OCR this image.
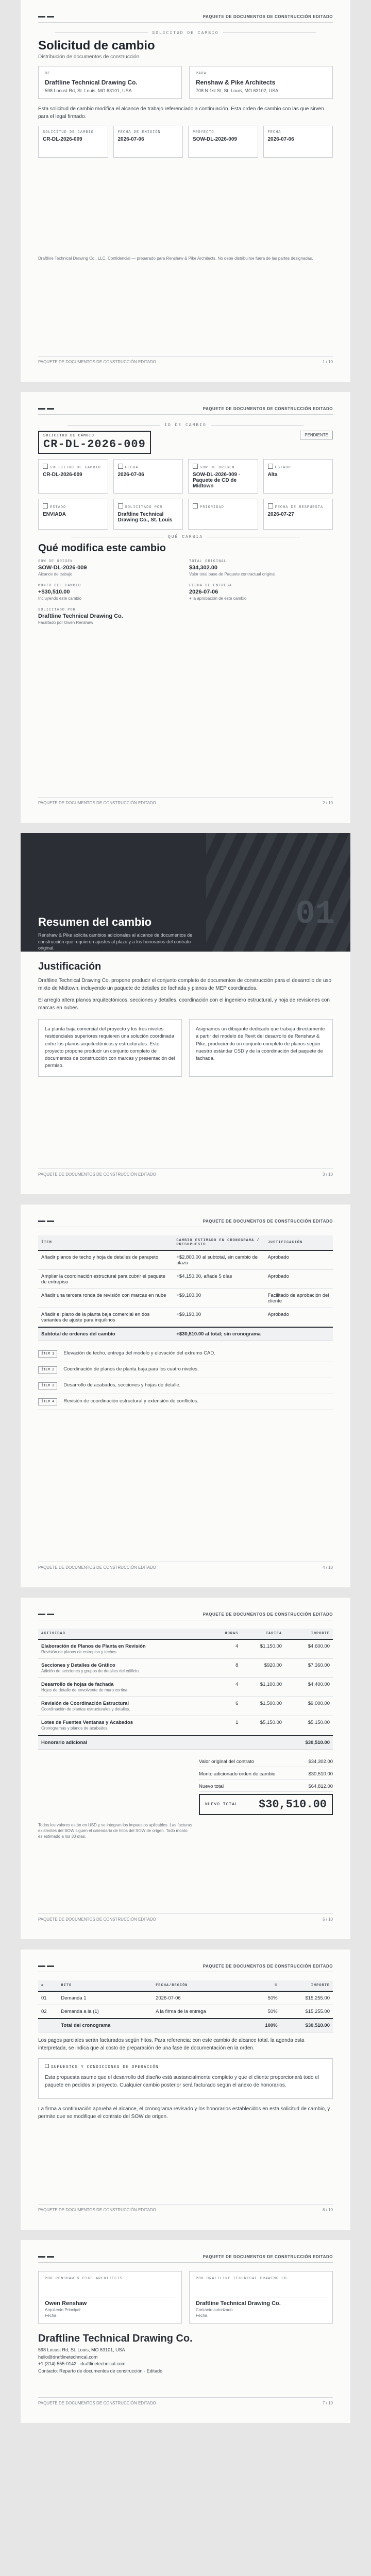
PAQUETE DE DOCUMENTOS DE CONSTRUCCIÓN EDITADO
SOLICITUD DE CAMBIO
Solicitud de cambio
Distribución de documentos de construcción
DE
Draftline Technical Drawing Co.
598 Locust Rd, St. Louis, MO 63101, USA
PARA
Renshaw & Pike Architects
708 N 1st St, St. Louis, MO 63102, USA

Esta solicitud de cambio modifica el alcance de trabajo referenciado a continuación. Esta orden de cambio con las que sirven para el legal firmado.

SOLICITUD DE CAMBIO
CR-DL-2026-009
FECHA DE EMISIÓN
2026-07-06
PROYECTO
SOW-DL-2026-009
FECHA
2026-07-06

Draftline Technical Drawing Co., LLC. Confidencial — preparado para Renshaw & Pike Architects. No debe distribuirse fuera de las partes designadas.

PAQUETE DE DOCUMENTOS DE CONSTRUCCIÓN EDITADO	1 / 10
PAQUETE DE DOCUMENTOS DE CONSTRUCCIÓN EDITADO
ID DE CAMBIO
SOLICITUD DE CAMBIO
CR-DL-2026-009
PENDIENTE
SOLICITUD DE CAMBIO
CR-DL-2026-009
FECHA
2026-07-06
SOW DE ORIGEN
SOW-DL-2026-009 · Paquete de CD de Midtown
ESTADO
Alta
ESTADO
ENVIADA
SOLICITADO POR
Draftline Technical Drawing Co., St. Louis
PRIORIDAD	FECHA DE RESPUESTA
2026-07-27
QUÉ CAMBIA
Qué modifica este cambio
SOW DE ORIGEN
SOW-DL-2026-009
Alcance de trabajo
TOTAL ORIGINAL
$34,302.00
Valor total base de Paquete contractual original
MONTO DEL CAMBIO
+$30,510.00
Incluyendo este cambio
FECHA DE ENTREGA
2026-07-06
+ la aprobación de este cambio
SOLICITADO POR
Draftline Technical Drawing Co.
Facilitado por Owen Renshaw
PAQUETE DE DOCUMENTOS DE CONSTRUCCIÓN EDITADO	2 / 10
01
Resumen del cambio

Renshaw & Pike solicita cambios adicionales al alcance de documentos de construcción que requieren ajustes al plazo y a los honorarios del contrato original.

Justificación

Draftline Technical Drawing Co. propone producir el conjunto completo de documentos de construcción para el desarrollo de uso mixto de Midtown, incluyendo un paquete de detalles de fachada y planos de MEP coordinados.

El arreglo altera planos arquitectónicos, secciones y detalles, coordinación con el ingeniero estructural, y hoja de revisiones con marcas en nubes.

La planta baja comercial del proyecto y los tres niveles residenciales superiores requieren una solución coordinada entre los planos arquitectónicos y estructurales. Este proyecto propone producir un conjunto completo de documentos de construcción con marcas y presentación del permiso.
Asignamos un dibujante dedicado que trabaja directamente a partir del modelo de Revit del desarrollo de Renshaw & Pike, produciendo un conjunto completo de planos según nuestro estándar CSD y de la coordinación del paquete de fachada.
PAQUETE DE DOCUMENTOS DE CONSTRUCCIÓN EDITADO	3 / 10
PAQUETE DE DOCUMENTOS DE CONSTRUCCIÓN EDITADO
ÍTEM	CAMBIO ESTIMADO EN CRONOGRAMA / PRESUPUESTO	JUSTIFICACIÓN
Añadir planos de techo y hoja de detalles de parapeto	+$2,800.00 al subtotal, sin cambio de plazo	Aprobado
Ampliar la coordinación estructural para cubrir el paquete de entrepiso	+$4,150.00, añade 5 días	Aprobado
Añadir una tercera ronda de revisión con marcas en nube	+$9,100.00	Facilitado de aprobación del cliente
Añadir el plano de la planta baja comercial en dos variantes de ajuste para inquilinos	+$9,190.00	Aprobado
Subtotal de ordenes del cambio	+$30,510.00 al total; sin cronograma	
ÍTEM 1	Elevación de techo, entrega del modelo y elevación del extremo CAD.
ÍTEM 2	Coordinación de planos de planta baja para los cuatro niveles.
ÍTEM 3	Desarrollo de acabados, secciones y hojas de detalle.
ÍTEM 4	Revisión de coordinación estructural y extensión de conflictos.
PAQUETE DE DOCUMENTOS DE CONSTRUCCIÓN EDITADO	4 / 10
PAQUETE DE DOCUMENTOS DE CONSTRUCCIÓN EDITADO
ACTIVIDAD	HORAS	TARIFA	IMPORTE

Elaboración de Planos de Planta en Revisión
Revisión de planos de entrepiso y techos.	4	$1,150.00	$4,600.00

Secciones y Detalles de Gráfico
Adición de secciones y grupos de detalles del edificio.	8	$920.00	$7,360.00

Desarrollo de hojas de fachada
Hojas de detalle de envolvente de muro cortina.	4	$1,100.00	$4,400.00

Revisión de Coordinación Estructural
Coordinación de plantas estructurales y detalles.	6	$1,500.00	$9,000.00

Lotes de Fuentes Ventanas y Acabados
Cronogramas y planos de acabados.	1	$5,150.00	$5,150.00
Honorario adicional			$30,510.00
Valor original del contrato	$34,302.00
Monto adicionado orden de cambio	$30,510.00
Nuevo total	$64,812.00
NUEVO TOTAL $30,510.00

Todos los valores están en USD y se integran los impuestos aplicables. Las facturas existentes del SOW siguen el calendario de hitos del SOW de origen. Todo monto es estimado a los 30 días.

PAQUETE DE DOCUMENTOS DE CONSTRUCCIÓN EDITADO	5 / 10
PAQUETE DE DOCUMENTOS DE CONSTRUCCIÓN EDITADO
#	HITO	FECHA/REGIÓN	%	IMPORTE
01	Demanda 1	2026-07-06	50%	$15,255.00
02	Demanda a la (1)	A la firma de la entrega	50%	$15,255.00
	Total del cronograma		100%	$30,510.00

Los pagos parciales serán facturados según hitos. Para referencia: con este cambio de alcance total, la agenda esta interpretada, se indica que al costo de preparación de una fase de documentación en la orden.

SUPUESTOS Y CONDICIONES DE OPERACIÓN
Esta propuesta asume que el desarrollo del diseño está sustancialmente completo y que el cliente proporcionará todo el paquete en pedidos al proyecto. Cualquier cambio posterior será facturado según el anexo de honorarios.

La firma a continuación aprueba el alcance, el cronograma revisado y los honorarios establecidos en esta solicitud de cambio, y permite que se modifique el contrato del SOW de origen.

PAQUETE DE DOCUMENTOS DE CONSTRUCCIÓN EDITADO	6 / 10
PAQUETE DE DOCUMENTOS DE CONSTRUCCIÓN EDITADO
POR RENSHAW & PIKE ARCHITECTS
Owen Renshaw
Arquitecto Principal
Fecha
POR DRAFTLINE TECHNICAL DRAWING CO.
Draftline Technical Drawing Co.
Contacto autorizado
Fecha
Draftline Technical Drawing Co.
598 Locust Rd, St. Louis, MO 63101, USA
hello@draftlinetechnical.com
+1 (314) 555-0142 · draftlinetechnical.com
Contacto: Reparto de documentos de construcción · Editado
PAQUETE DE DOCUMENTOS DE CONSTRUCCIÓN EDITADO	7 / 10
